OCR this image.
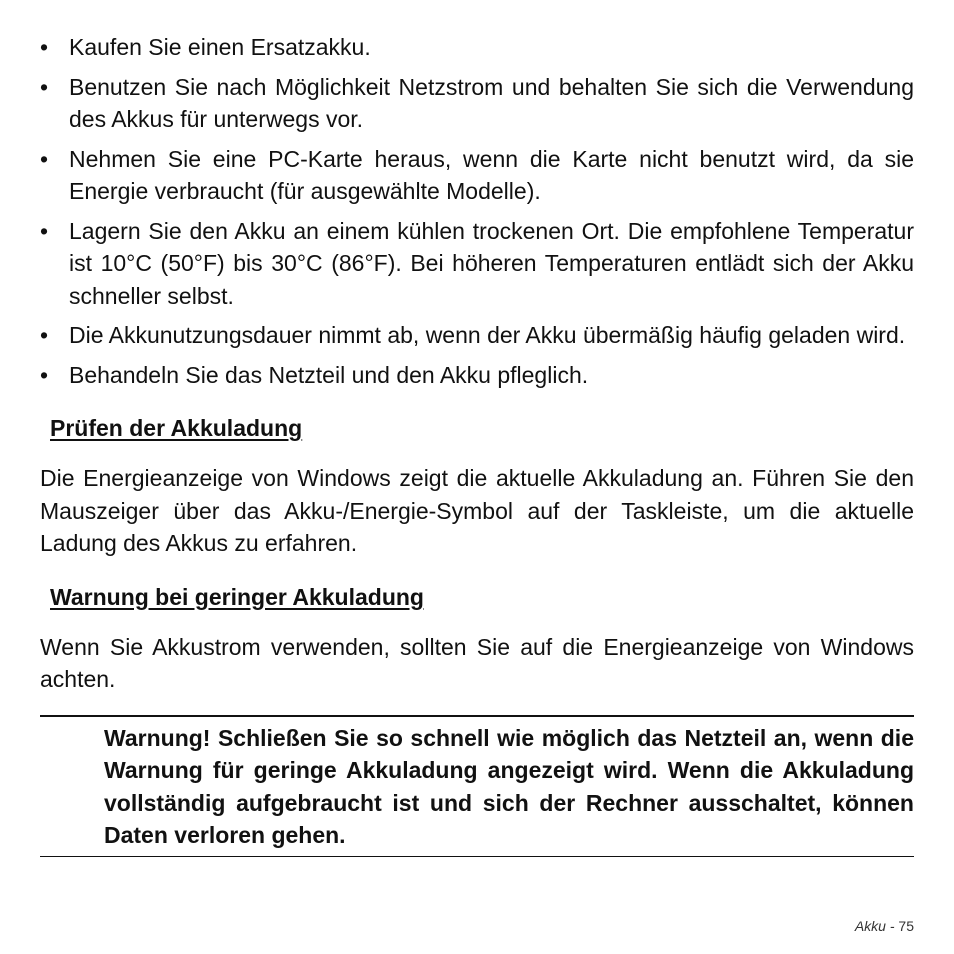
• Kaufen Sie einen Ersatzakku.
• Benutzen Sie nach Möglichkeit Netzstrom und behalten Sie sich die Verwendung des Akkus für unterwegs vor.
• Nehmen Sie eine PC-Karte heraus, wenn die Karte nicht benutzt wird, da sie Energie verbraucht (für ausgewählte Modelle).
• Lagern Sie den Akku an einem kühlen trockenen Ort. Die empfohlene Temperatur ist 10°C (50°F) bis 30°C (86°F). Bei höheren Temperaturen entlädt sich der Akku schneller selbst.
• Die Akkunutzungsdauer nimmt ab, wenn der Akku übermäßig häufig geladen wird.
• Behandeln Sie das Netzteil und den Akku pfleglich.
Prüfen der Akkuladung

Die Energieanzeige von Windows zeigt die aktuelle Akkuladung an. Führen Sie den Mauszeiger über das Akku-/Energie-Symbol auf der Taskleiste, um die aktuelle Ladung des Akkus zu erfahren.

Warnung bei geringer Akkuladung

Wenn Sie Akkustrom verwenden, sollten Sie auf die Energieanzeige von Windows achten.

Warnung! Schließen Sie so schnell wie möglich das Netzteil an, wenn die Warnung für geringe Akkuladung angezeigt wird. Wenn die Akkuladung vollständig aufgebraucht ist und sich der Rechner ausschaltet, können Daten verloren gehen.
Akku - 75
